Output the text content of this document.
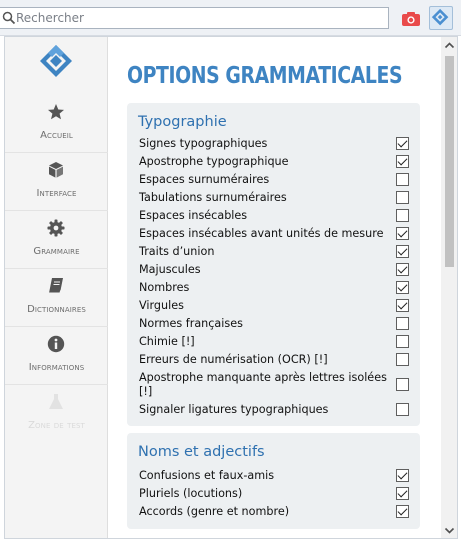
Rechercher
Accueil
Interface
Grammaire
Dictionnaires
Informations
Zone de test
OPTIONS GRAMMATICALES
Typographie
Signes typographiques
Apostrophe typographique
Espaces surnuméraires
Tabulations surnuméraires
Espaces insécables
Espaces insécables avant unités de mesure
Traits d’union
Majuscules
Nombres
Virgules
Normes françaises
Chimie [!]
Erreurs de numérisation (OCR) [!]
Apostrophe manquante après lettres isolées [!]
Signaler ligatures typographiques
Noms et adjectifs
Confusions et faux-amis
Pluriels (locutions)
Accords (genre et nombre)
